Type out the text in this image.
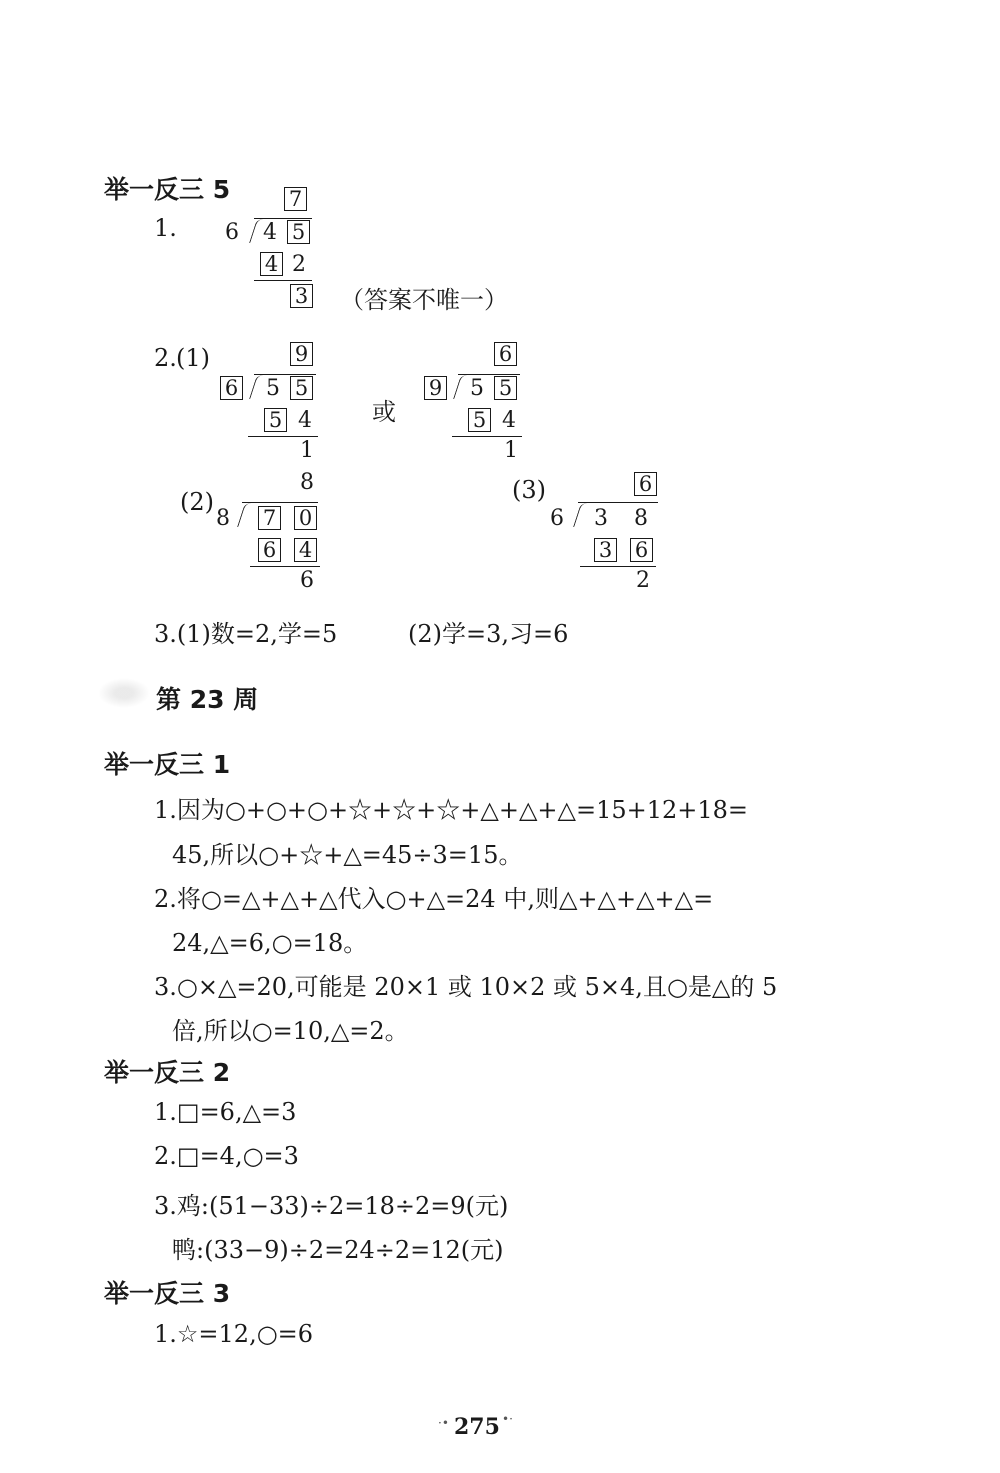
举一反三 5
1.
7
6 4 5
4 2
3 （答案不唯一）
2. (1)	9
6 5 5
5 4
1
或
6
9 5 5
5 4
1
(2)
8
8 7 0
6 4
6
(3)	6
6 3 8
3 6
2
3.(1)数=2,学=5	(2)学=3,习=6
第 23 周
举一反三 1
1.因为○+○+○+☆+☆+☆+△+△+△=15+12+18=
45,所以○+☆+△=45÷3=15。
2.将○=△+△+△代入○+△=24 中,则△+△+△+△=
24,△=6,○=18。
3.○×△=20,可能是 20×1 或 10×2 或 5×4,且○是△的 5
倍,所以○=10,△=2。
举一反三 2
1.□=6,△=3
2.□=4,○=3
3.鸡:(51−33)÷2=18÷2=9(元)
鸭:(33−9)÷2=24÷2=12(元)
举一反三 3
1.☆=12,○=6
·• 275 •·
